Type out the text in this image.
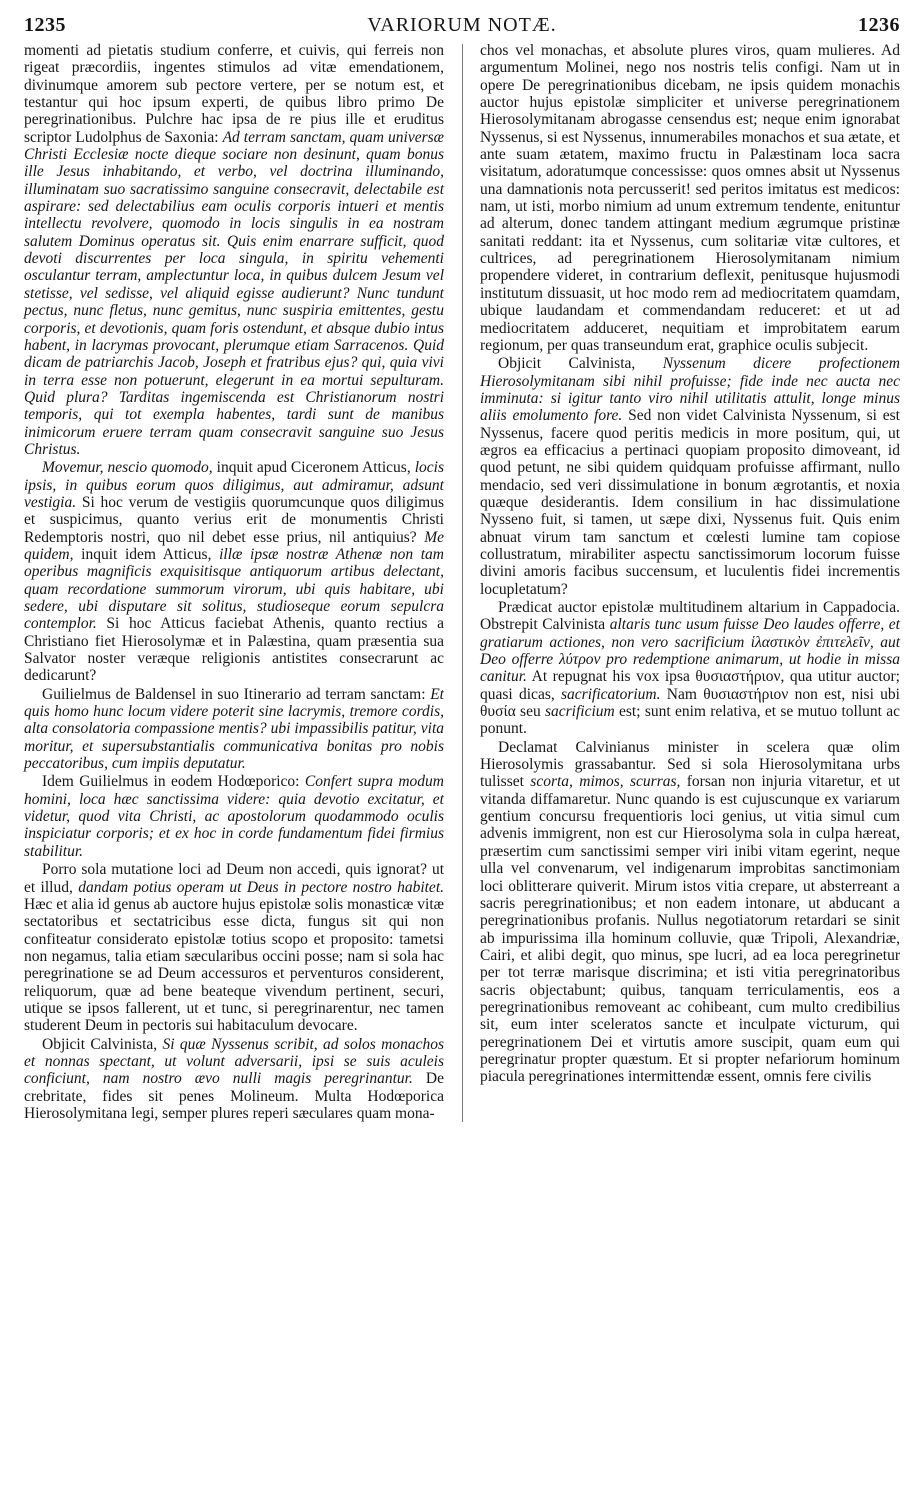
1235	VARIORUM NOTÆ.	1236

momenti ad pietatis studium conferre, et cuivis, qui ferreis non rigeat præcordiis, ingentes stimulos ad vitæ emendationem, divinumque amorem sub pectore vertere, per se notum est, et testantur qui hoc ipsum experti, de quibus libro primo De peregrinationibus. Pulchre hac ipsa de re pius ille et eruditus scriptor Ludolphus de Saxonia: Ad terram sanctam, quam universæ Christi Ecclesiæ nocte dieque sociare non desinunt, quam bonus ille Jesus inhabitando, et verbo, vel doctrina illuminando, illuminatam suo sacratissimo sanguine consecravit, delectabile est aspirare: sed delectabilius eam oculis corporis intueri et mentis intellectu revolvere, quomodo in locis singulis in ea nostram salutem Dominus operatus sit. Quis enim enarrare sufficit, quod devoti discurrentes per loca singula, in spiritu vehementi osculantur terram, amplectuntur loca, in quibus dulcem Jesum vel stetisse, vel sedisse, vel aliquid egisse audierunt? Nunc tundunt pectus, nunc fletus, nunc gemitus, nunc suspiria emittentes, gestu corporis, et devotionis, quam foris ostendunt, et absque dubio intus habent, in lacrymas provocant, plerumque etiam Sarracenos. Quid dicam de patriarchis Jacob, Joseph et fratribus ejus? qui, quia vivi in terra esse non potuerunt, elegerunt in ea mortui sepulturam. Quid plura? Tarditas ingemiscenda est Christianorum nostri temporis, qui tot exempla habentes, tardi sunt de manibus inimicorum eruere terram quam consecravit sanguine suo Jesus Christus.

Movemur, nescio quomodo, inquit apud Ciceronem Atticus, locis ipsis, in quibus eorum quos diligimus, aut admiramur, adsunt vestigia. Si hoc verum de vestigiis quorumcunque quos diligimus et suspicimus, quanto verius erit de monumentis Christi Redemptoris nostri, quo nil debet esse prius, nil antiquius? Me quidem, inquit idem Atticus, illæ ipsæ nostræ Athenæ non tam operibus magnificis exquisitisque antiquorum artibus delectant, quam recordatione summorum virorum, ubi quis habitare, ubi sedere, ubi disputare sit solitus, studioseque eorum sepulcra contemplor. Si hoc Atticus faciebat Athenis, quanto rectius a Christiano fiet Hierosolymæ et in Palæstina, quam præsentia sua Salvator noster veræque religionis antistites consecrarunt ac dedicarunt?

Guilielmus de Baldensel in suo Itinerario ad terram sanctam: Et quis homo hunc locum videre poterit sine lacrymis, tremore cordis, alta consolatoria compassione mentis? ubi impassibilis patitur, vita moritur, et supersubstantialis communicativa bonitas pro nobis peccatoribus, cum impiis deputatur.

Idem Guilielmus in eodem Hodœporico: Confert supra modum homini, loca hæc sanctissima videre: quia devotio excitatur, et videtur, quod vita Christi, ac apostolorum quodammodo oculis inspiciatur corporis; et ex hoc in corde fundamentum fidei firmius stabilitur.

Porro sola mutatione loci ad Deum non accedi, quis ignorat? ut et illud, dandam potius operam ut Deus in pectore nostro habitet. Hæc et alia id genus ab auctore hujus epistolæ solis monasticæ vitæ sectatoribus et sectatricibus esse dicta, fungus sit qui non confiteatur considerato epistolæ totius scopo et proposito: tametsi non negamus, talia etiam sæcularibus occini posse; nam si sola hac peregrinatione se ad Deum accessuros et perventuros considerent, reliquorum, quæ ad bene beateque vivendum pertinent, securi, utique se ipsos fallerent, ut et tunc, si peregrinarentur, nec tamen studerent Deum in pectoris sui habitaculum devocare.

Objicit Calvinista, Si quæ Nyssenus scribit, ad solos monachos et nonnas spectant, ut volunt adversarii, ipsi se suis aculeis conficiunt, nam nostro ævo nulli magis peregrinantur. De crebritate, fides sit penes Molineum. Multa Hodœporica Hierosolymitana legi, semper plures reperi sæculares quam mona-

chos vel monachas, et absolute plures viros, quam mulieres. Ad argumentum Molinei, nego nos nostris telis configi. Nam ut in opere De peregrinationibus dicebam, ne ipsis quidem monachis auctor hujus epistolæ simpliciter et universe peregrinationem Hierosolymitanam abrogasse censendus est; neque enim ignorabat Nyssenus, si est Nyssenus, innumerabiles monachos et sua ætate, et ante suam ætatem, maximo fructu in Palæstinam loca sacra visitatum, adoratumque concessisse: quos omnes absit ut Nyssenus una damnationis nota percusserit! sed peritos imitatus est medicos: nam, ut isti, morbo nimium ad unum extremum tendente, enituntur ad alterum, donec tandem attingant medium ægrumque pristinæ sanitati reddant: ita et Nyssenus, cum solitariæ vitæ cultores, et cultrices, ad peregrinationem Hierosolymitanam nimium propendere videret, in contrarium deflexit, penitusque hujusmodi institutum dissuasit, ut hoc modo rem ad mediocritatem quamdam, ubique laudandam et commendandam reduceret: et ut ad mediocritatem adduceret, nequitiam et improbitatem earum regionum, per quas transeundum erat, graphice oculis subjecit.

Objicit Calvinista, Nyssenum dicere profectionem Hierosolymitanam sibi nihil profuisse; fide inde nec aucta nec imminuta: si igitur tanto viro nihil utilitatis attulit, longe minus aliis emolumento fore. Sed non videt Calvinista Nyssenum, si est Nyssenus, facere quod peritis medicis in more positum, qui, ut ægros ea efficacius a pertinaci quopiam proposito dimoveant, id quod petunt, ne sibi quidem quidquam profuisse affirmant, nullo mendacio, sed veri dissimulatione in bonum ægrotantis, et noxia quæque desiderantis. Idem consilium in hac dissimulatione Nysseno fuit, si tamen, ut sæpe dixi, Nyssenus fuit. Quis enim abnuat virum tam sanctum et cœlesti lumine tam copiose collustratum, mirabiliter aspectu sanctissimorum locorum fuisse divini amoris facibus succensum, et luculentis fidei incrementis locupletatum?

Prædicat auctor epistolæ multitudinem altarium in Cappadocia. Obstrepit Calvinista altaris tunc usum fuisse Deo laudes offerre, et gratiarum actiones, non vero sacrificium ἱλαστικὸν ἐπιτελεῖν, aut Deo offerre λύτρον pro redemptione animarum, ut hodie in missa canitur. At repugnat his vox ipsa θυσιαστήριον, qua utitur auctor; quasi dicas, sacrificatorium. Nam θυσιαστήριον non est, nisi ubi θυσία seu sacrificium est; sunt enim relativa, et se mutuo tollunt ac ponunt.

Declamat Calvinianus minister in scelera quæ olim Hierosolymis grassabantur. Sed si sola Hierosolymitana urbs tulisset scorta, mimos, scurras, forsan non injuria vitaretur, et ut vitanda diffamaretur. Nunc quando is est cujuscunque ex variarum gentium concursu frequentioris loci genius, ut vitia simul cum advenis immigrent, non est cur Hierosolyma sola in culpa hæreat, præsertim cum sanctissimi semper viri inibi vitam egerint, neque ulla vel convenarum, vel indigenarum improbitas sanctimoniam loci oblitterare quiverit. Mirum istos vitia crepare, ut absterreant a sacris peregrinationibus; et non eadem intonare, ut abducant a peregrinationibus profanis. Nullus negotiatorum retardari se sinit ab impurissima illa hominum colluvie, quæ Tripoli, Alexandriæ, Cairi, et alibi degit, quo minus, spe lucri, ad ea loca peregrinetur per tot terræ marisque discrimina; et isti vitia peregrinatoribus sacris objectabunt; quibus, tanquam terriculamentis, eos a peregrinationibus removeant ac cohibeant, cum multo credibilius sit, eum inter sceleratos sancte et inculpate victurum, qui peregrinationem Dei et virtutis amore suscipit, quam eum qui peregrinatur propter quæstum. Et si propter nefariorum hominum piacula peregrinationes intermittendæ essent, omnis fere civilis
